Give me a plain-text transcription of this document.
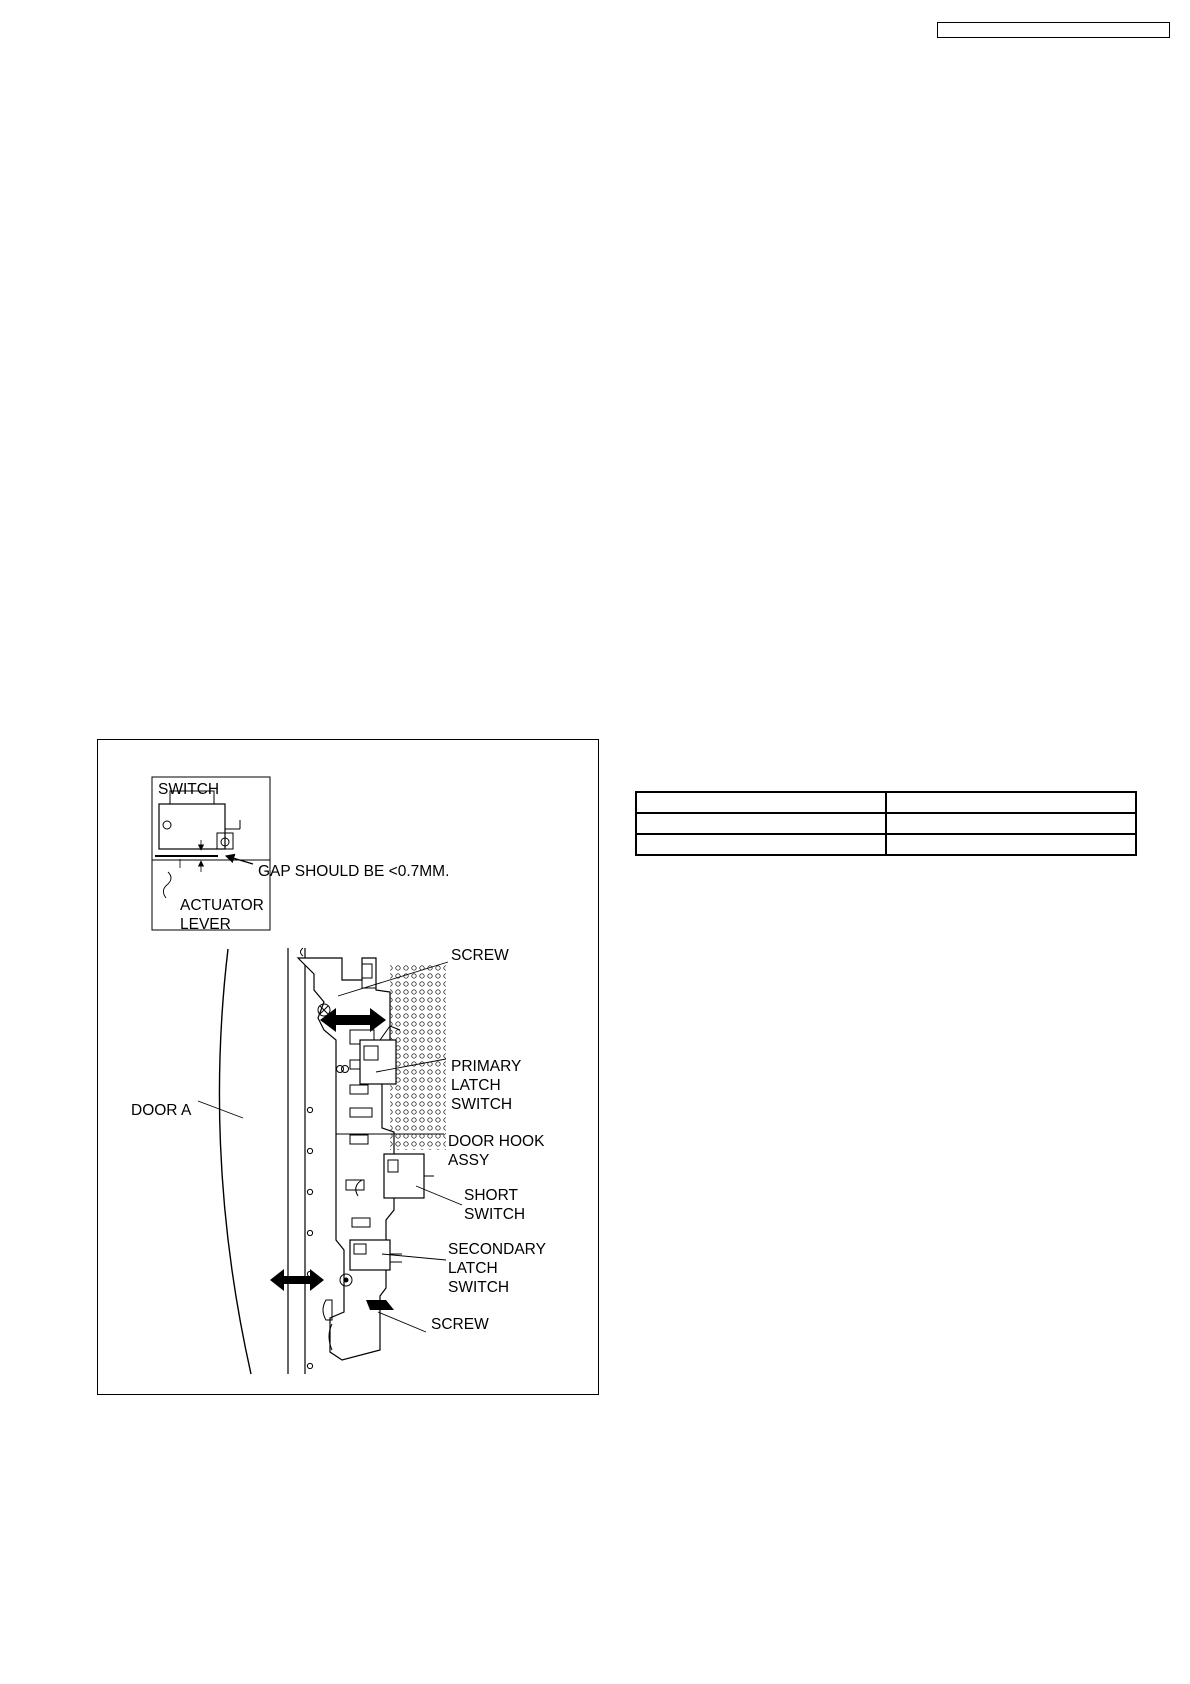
SWITCH
ACTUATOR
LEVER
GAP SHOULD BE <0.7MM.
SCREW
PRIMARY
LATCH
SWITCH
DOOR A
DOOR HOOK
ASSY
SHORT
SWITCH
SECONDARY
LATCH
SWITCH
SCREW
